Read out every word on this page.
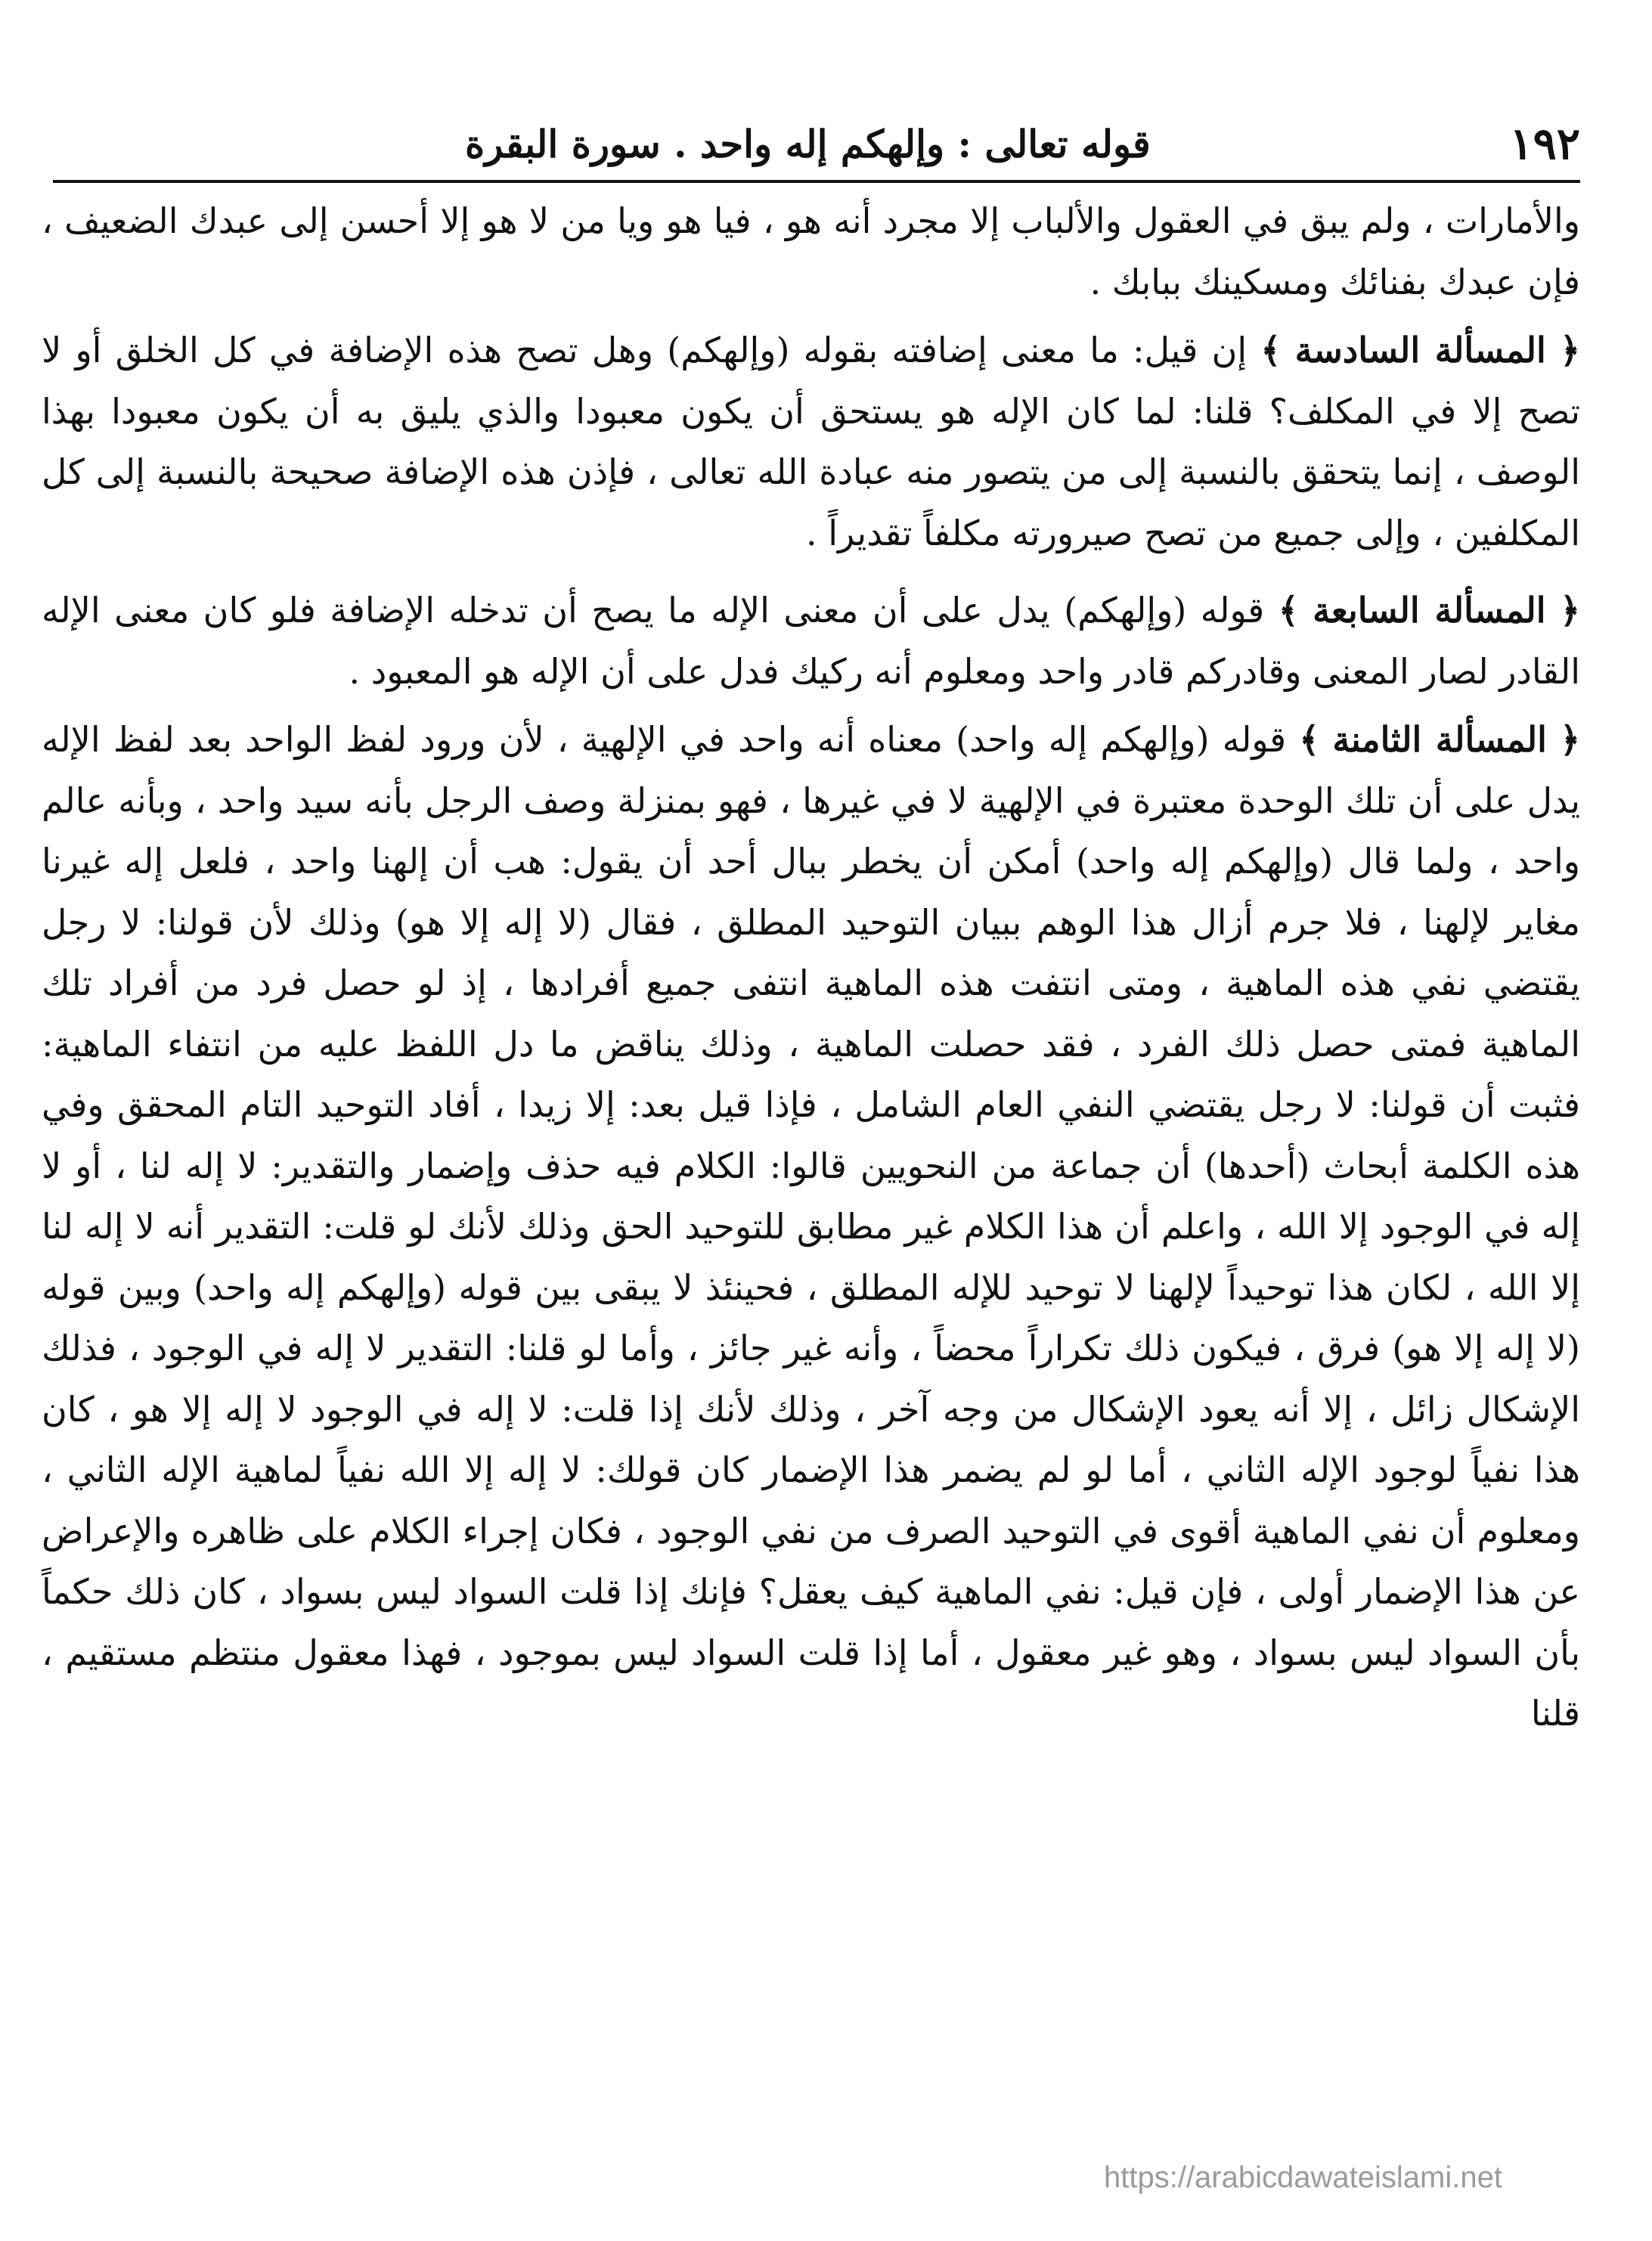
١٩٢
قوله تعالى : وإلهكم إله واحد . سورة البقرة

والأمارات ، ولم يبق في العقول والألباب إلا مجرد أنه هو ، فيا هو ويا من لا هو إلا أحسن إلى عبدك الضعيف ، فإن عبدك بفنائك ومسكينك ببابك .

﴿ المسألة السادسة ﴾ إن قيل: ما معنى إضافته بقوله (وإلهكم) وهل تصح هذه الإضافة في كل الخلق أو لا تصح إلا في المكلف؟ قلنا: لما كان الإله هو يستحق أن يكون معبودا والذي يليق به أن يكون معبودا بهذا الوصف ، إنما يتحقق بالنسبة إلى من يتصور منه عبادة الله تعالى ، فإذن هذه الإضافة صحيحة بالنسبة إلى كل المكلفين ، وإلى جميع من تصح صيرورته مكلفاً تقديراً .

﴿ المسألة السابعة ﴾ قوله (وإلهكم) يدل على أن معنى الإله ما يصح أن تدخله الإضافة فلو كان معنى الإله القادر لصار المعنى وقادركم قادر واحد ومعلوم أنه ركيك فدل على أن الإله هو المعبود .

﴿ المسألة الثامنة ﴾ قوله (وإلهكم إله واحد) معناه أنه واحد في الإلهية ، لأن ورود لفظ الواحد بعد لفظ الإله يدل على أن تلك الوحدة معتبرة في الإلهية لا في غيرها ، فهو بمنزلة وصف الرجل بأنه سيد واحد ، وبأنه عالم واحد ، ولما قال (وإلهكم إله واحد) أمكن أن يخطر ببال أحد أن يقول: هب أن إلهنا واحد ، فلعل إله غيرنا مغاير لإلهنا ، فلا جرم أزال هذا الوهم ببيان التوحيد المطلق ، فقال (لا إله إلا هو) وذلك لأن قولنا: لا رجل يقتضي نفي هذه الماهية ، ومتى انتفت هذه الماهية انتفى جميع أفرادها ، إذ لو حصل فرد من أفراد تلك الماهية فمتى حصل ذلك الفرد ، فقد حصلت الماهية ، وذلك يناقض ما دل اللفظ عليه من انتفاء الماهية: فثبت أن قولنا: لا رجل يقتضي النفي العام الشامل ، فإذا قيل بعد: إلا زيدا ، أفاد التوحيد التام المحقق وفي هذه الكلمة أبحاث (أحدها) أن جماعة من النحويين قالوا: الكلام فيه حذف وإضمار والتقدير: لا إله لنا ، أو لا إله في الوجود إلا الله ، واعلم أن هذا الكلام غير مطابق للتوحيد الحق وذلك لأنك لو قلت: التقدير أنه لا إله لنا إلا الله ، لكان هذا توحيداً لإلهنا لا توحيد للإله المطلق ، فحينئذ لا يبقى بين قوله (وإلهكم إله واحد) وبين قوله (لا إله إلا هو) فرق ، فيكون ذلك تكراراً محضاً ، وأنه غير جائز ، وأما لو قلنا: التقدير لا إله في الوجود ، فذلك الإشكال زائل ، إلا أنه يعود الإشكال من وجه آخر ، وذلك لأنك إذا قلت: لا إله في الوجود لا إله إلا هو ، كان هذا نفياً لوجود الإله الثاني ، أما لو لم يضمر هذا الإضمار كان قولك: لا إله إلا الله نفياً لماهية الإله الثاني ، ومعلوم أن نفي الماهية أقوى في التوحيد الصرف من نفي الوجود ، فكان إجراء الكلام على ظاهره والإعراض عن هذا الإضمار أولى ، فإن قيل: نفي الماهية كيف يعقل؟ فإنك إذا قلت السواد ليس بسواد ، كان ذلك حكماً بأن السواد ليس بسواد ، وهو غير معقول ، أما إذا قلت السواد ليس بموجود ، فهذا معقول منتظم مستقيم ، قلنا

https://arabicdawateislami.net
